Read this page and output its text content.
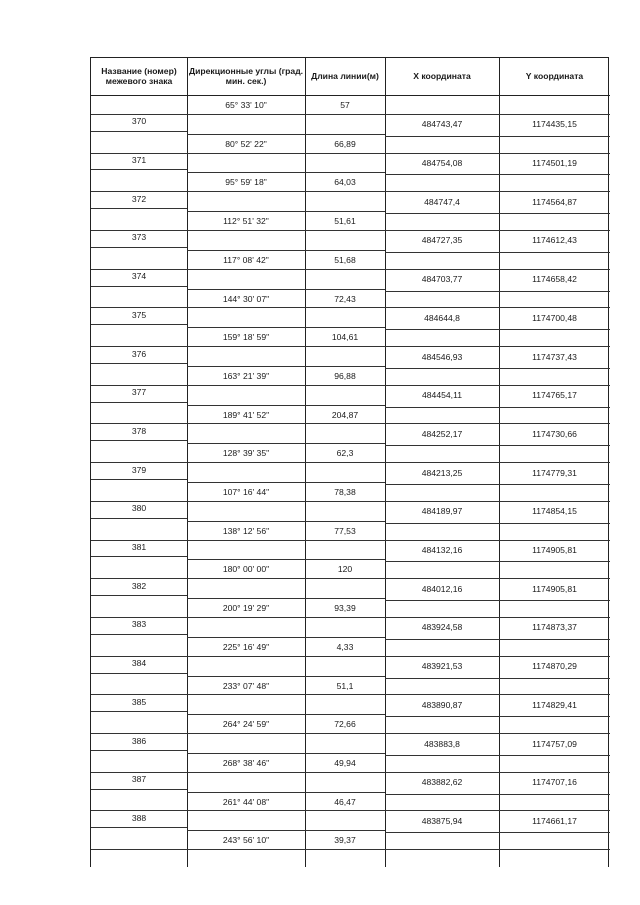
Название (номер) межевого знака
Дирекционные углы (град. мин. сек.)	Длина линии(м)	X координата	Y координата
65° 33' 10"	57
370	484743,47	1174435,15
80° 52' 22"	66,89
371	484754,08	1174501,19
95° 59' 18"	64,03
372	484747,4	1174564,87
112° 51' 32"	51,61
373	484727,35	1174612,43
117° 08' 42"	51,68
374	484703,77	1174658,42
144° 30' 07"	72,43
375	484644,8	1174700,48
159° 18' 59"	104,61
376	484546,93	1174737,43
163° 21' 39"	96,88
377	484454,11	1174765,17
189° 41' 52"	204,87
378	484252,17	1174730,66
128° 39' 35"	62,3
379	484213,25	1174779,31
107° 16' 44"	78,38
380	484189,97	1174854,15
138° 12' 56"	77,53
381	484132,16	1174905,81
180° 00' 00"	120
382	484012,16	1174905,81
200° 19' 29"	93,39
383	483924,58	1174873,37
225° 16' 49"	4,33
384	483921,53	1174870,29
233° 07' 48"	51,1
385	483890,87	1174829,41
264° 24' 59"	72,66
386	483883,8	1174757,09
268° 38' 46"	49,94
387	483882,62	1174707,16
261° 44' 08"	46,47
388	483875,94	1174661,17
243° 56' 10"	39,37
